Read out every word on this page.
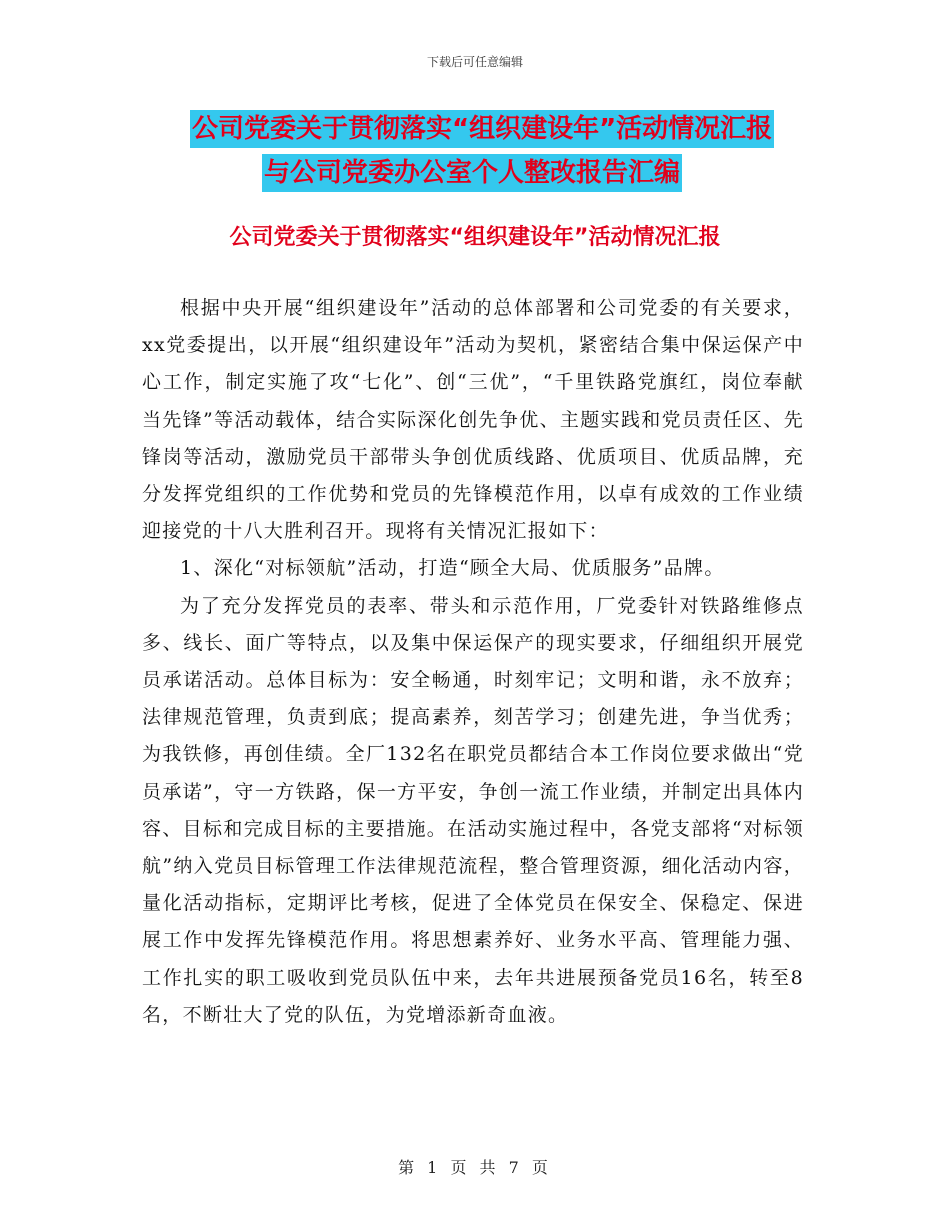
下载后可任意编辑
公司党委关于贯彻落实“组织建设年”活动情况汇报
与公司党委办公室个人整改报告汇编
公司党委关于贯彻落实“组织建设年”活动情况汇报

根据中央开展“组织建设年”活动的总体部署和公司党委的有关要求，xx党委提出，以开展“组织建设年”活动为契机，紧密结合集中保运保产中心工作，制定实施了攻“七化”、创“三优”，“千里铁路党旗红，岗位奉献当先锋”等活动载体，结合实际深化创先争优、主题实践和党员责任区、先锋岗等活动，激励党员干部带头争创优质线路、优质项目、优质品牌，充分发挥党组织的工作优势和党员的先锋模范作用，以卓有成效的工作业绩迎接党的十八大胜利召开。现将有关情况汇报如下：

1、深化“对标领航”活动，打造“顾全大局、优质服务”品牌。

为了充分发挥党员的表率、带头和示范作用，厂党委针对铁路维修点多、线长、面广等特点，以及集中保运保产的现实要求，仔细组织开展党员承诺活动。总体目标为：安全畅通，时刻牢记；文明和谐，永不放弃；法律规范管理，负责到底；提高素养，刻苦学习；创建先进，争当优秀；为我铁修，再创佳绩。全厂132名在职党员都结合本工作岗位要求做出“党员承诺”，守一方铁路，保一方平安，争创一流工作业绩，并制定出具体内容、目标和完成目标的主要措施。在活动实施过程中，各党支部将“对标领航”纳入党员目标管理工作法律规范流程，整合管理资源，细化活动内容，量化活动指标，定期评比考核，促进了全体党员在保安全、保稳定、保进展工作中发挥先锋模范作用。将思想素养好、业务水平高、管理能力强、工作扎实的职工吸收到党员队伍中来，去年共进展预备党员16名，转至8名，不断壮大了党的队伍，为党增添新奇血液。

第 1 页 共 7 页
